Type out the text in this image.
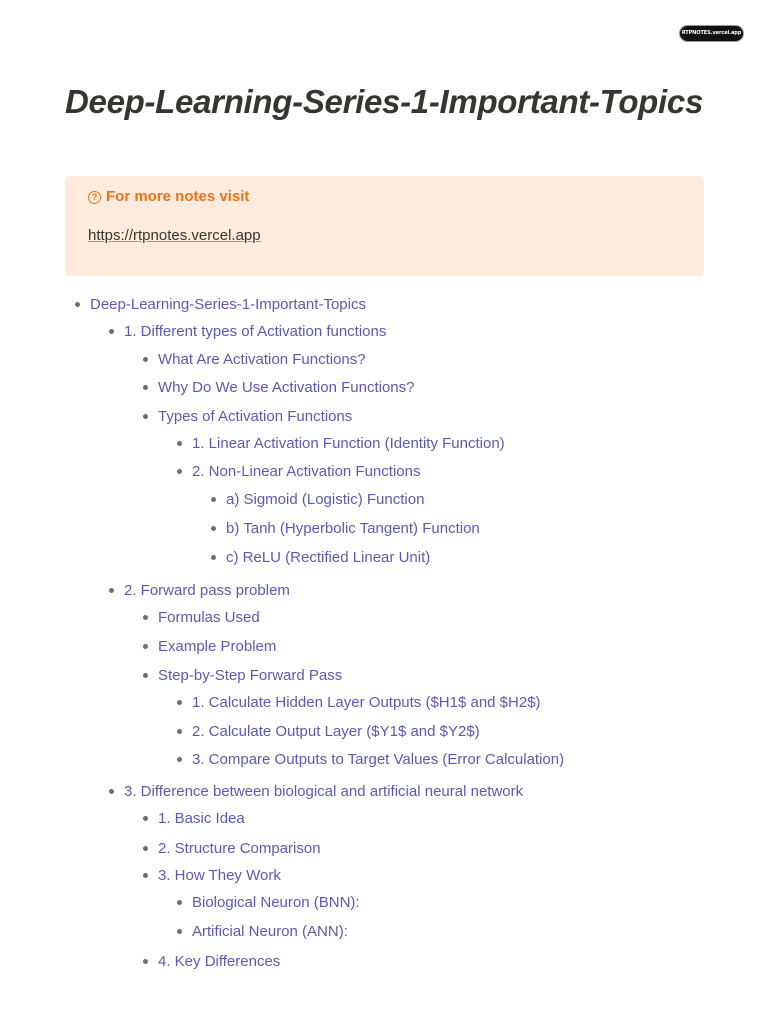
RTPNOTES.vercel.app
Deep-Learning-Series-1-Important-Topics
? For more notes visit
https://rtpnotes.vercel.app
Deep-Learning-Series-1-Important-Topics
1. Different types of Activation functions
What Are Activation Functions?
Why Do We Use Activation Functions?
Types of Activation Functions
1. Linear Activation Function (Identity Function)
2. Non-Linear Activation Functions
a) Sigmoid (Logistic) Function
b) Tanh (Hyperbolic Tangent) Function
c) ReLU (Rectified Linear Unit)
2. Forward pass problem
Formulas Used
Example Problem
Step-by-Step Forward Pass
1. Calculate Hidden Layer Outputs ($H1$ and $H2$)
2. Calculate Output Layer ($Y1$ and $Y2$)
3. Compare Outputs to Target Values (Error Calculation)
3. Difference between biological and artificial neural network
1. Basic Idea
2. Structure Comparison
3. How They Work
Biological Neuron (BNN):
Artificial Neuron (ANN):
4. Key Differences
